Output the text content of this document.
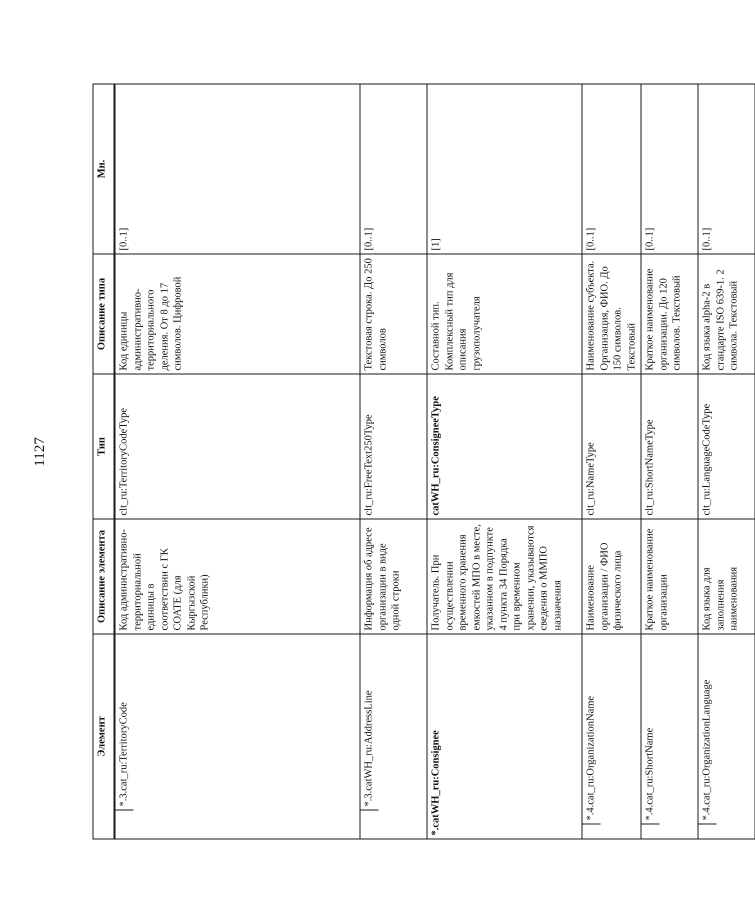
1127
Элемент	Описание элемента	Тип	Описание типа	Мн.

*.3.cat_ru:TerritoryCode	Код административно-территориальной единицы в соответствии с ГК СОАТЕ (для Кыргызской Республики)	clt_ru:TerritoryCodeType	Код единицы административно-территориального деления. От 8 до 17 символов. Цифровой	[0..1]

*.3.catWH_ru:AddressLine	Информация об адресе организации в виде одной строки	clt_ru:FreeText250Type	Текстовая строка. До 250 символов	[0..1]

*.catWH_ru:Consignee	Получатель. При осуществлении временного хранения емкостей МПО в месте, указанном в подпункте 4 пункта 34 Порядка при временном хранении, указываются сведения о ММПО назначения	catWH_ru:ConsigneeType	Составной тип. Комплексный тип для описания грузополучателя	[1]

*.4.cat_ru:OrganizationName	Наименование организации / ФИО физического лица	clt_ru:NameType	Наименование субъекта. Организация, ФИО. До 150 символов. Текстовый	[0..1]

*.4.cat_ru:ShortName	Краткое наименование организации	clt_ru:ShortNameType	Краткое наименование организации. До 120 символов. Текстовый	[0..1]

*.4.cat_ru:OrganizationLanguage	Код языка для заполнения наименования	clt_ru:LanguageCodeType	Код языка alpha-2 в стандарте ISO 639-1. 2 символа. Текстовый	[0..1]
